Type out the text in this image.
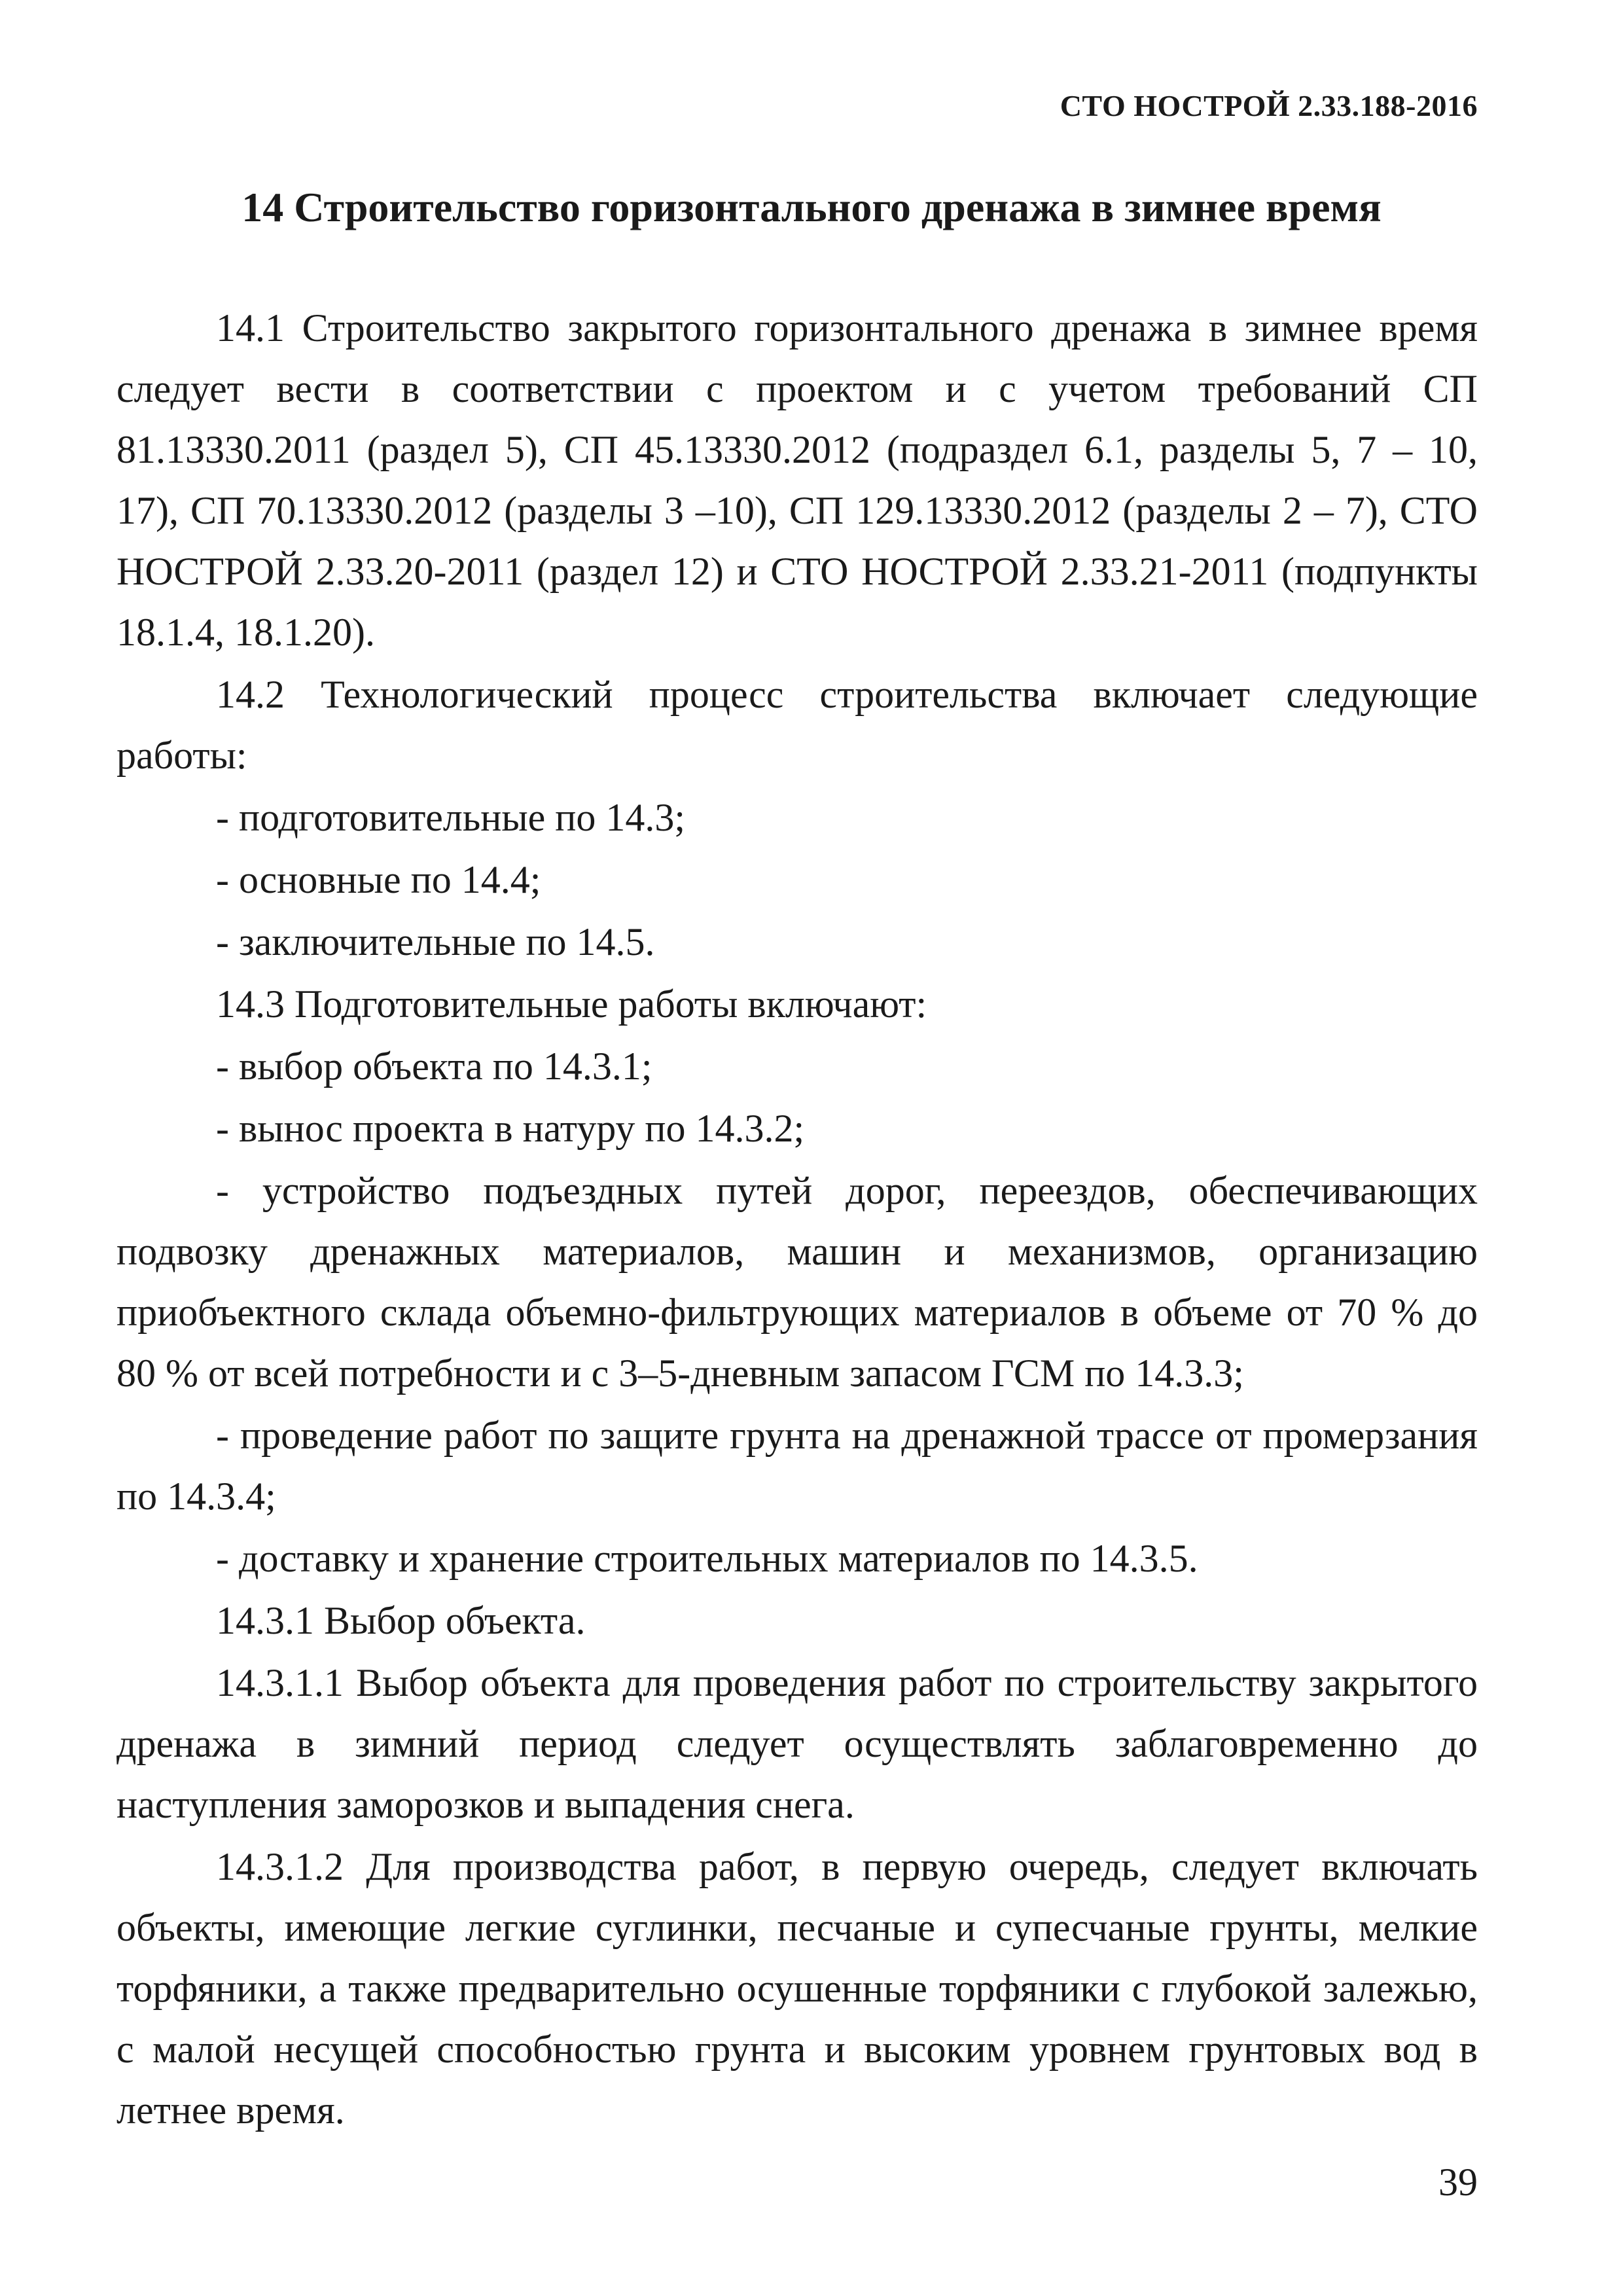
СТО НОСТРОЙ 2.33.188-2016
14 Строительство горизонтального дренажа в зимнее время

14.1 Строительство закрытого горизонтального дренажа в зимнее время следует вести в соответствии с проектом и с учетом требований СП 81.13330.2011 (раздел 5), СП 45.13330.2012 (подраздел 6.1, разделы 5, 7 – 10, 17), СП 70.13330.2012 (разделы 3 –10), СП 129.13330.2012 (разделы 2 – 7), СТО НОСТРОЙ 2.33.20-2011 (раздел 12) и СТО НОСТРОЙ 2.33.21-2011 (подпункты 18.1.4, 18.1.20).

14.2 Технологический процесс строительства включает следующие работы:

- подготовительные по 14.3;

- основные по 14.4;

- заключительные по 14.5.

14.3 Подготовительные работы включают:

- выбор объекта по 14.3.1;

- вынос проекта в натуру по 14.3.2;

- устройство подъездных путей дорог, переездов, обеспечивающих подвозку дренажных материалов, машин и механизмов, организацию приобъектного склада объемно-фильтрующих материалов в объеме от 70 % до 80 % от всей потребности и с 3–5-дневным запасом ГСМ по 14.3.3;

- проведение работ по защите грунта на дренажной трассе от промерзания по 14.3.4;

- доставку и хранение строительных материалов по 14.3.5.

14.3.1 Выбор объекта.

14.3.1.1 Выбор объекта для проведения работ по строительству закрытого дренажа в зимний период следует осуществлять заблаговременно до наступления заморозков и выпадения снега.

14.3.1.2 Для производства работ, в первую очередь, следует включать объекты, имеющие легкие суглинки, песчаные и супесчаные грунты, мелкие торфяники, а также предварительно осушенные торфяники с глубокой залежью, с малой несущей способностью грунта и высоким уровнем грунтовых вод в летнее время.

39
